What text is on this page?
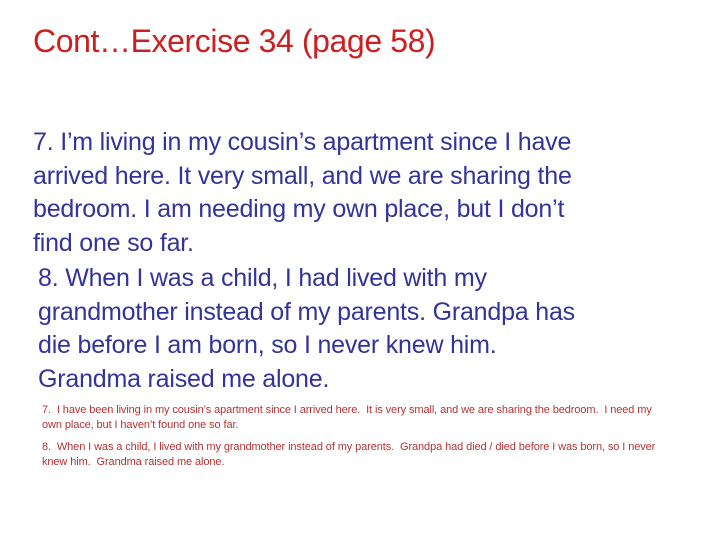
Cont…Exercise 34 (page 58)
7. I’m living in my cousin’s apartment since I have
arrived here. It very small, and we are sharing the
bedroom. I am needing my own place, but I don’t
find one so far.
8. When I was a child, I had lived with my
grandmother instead of my parents. Grandpa has
die before I am born, so I never knew him.
Grandma raised me alone.
7.  I have been living in my cousin’s apartment since I arrived here.  It is very small, and we are sharing the bedroom.  I need my
own place, but I haven’t found one so far.
8.  When I was a child, I lived with my grandmother instead of my parents.  Grandpa had died / died before I was born, so I never
knew him.  Grandma raised me alone.
